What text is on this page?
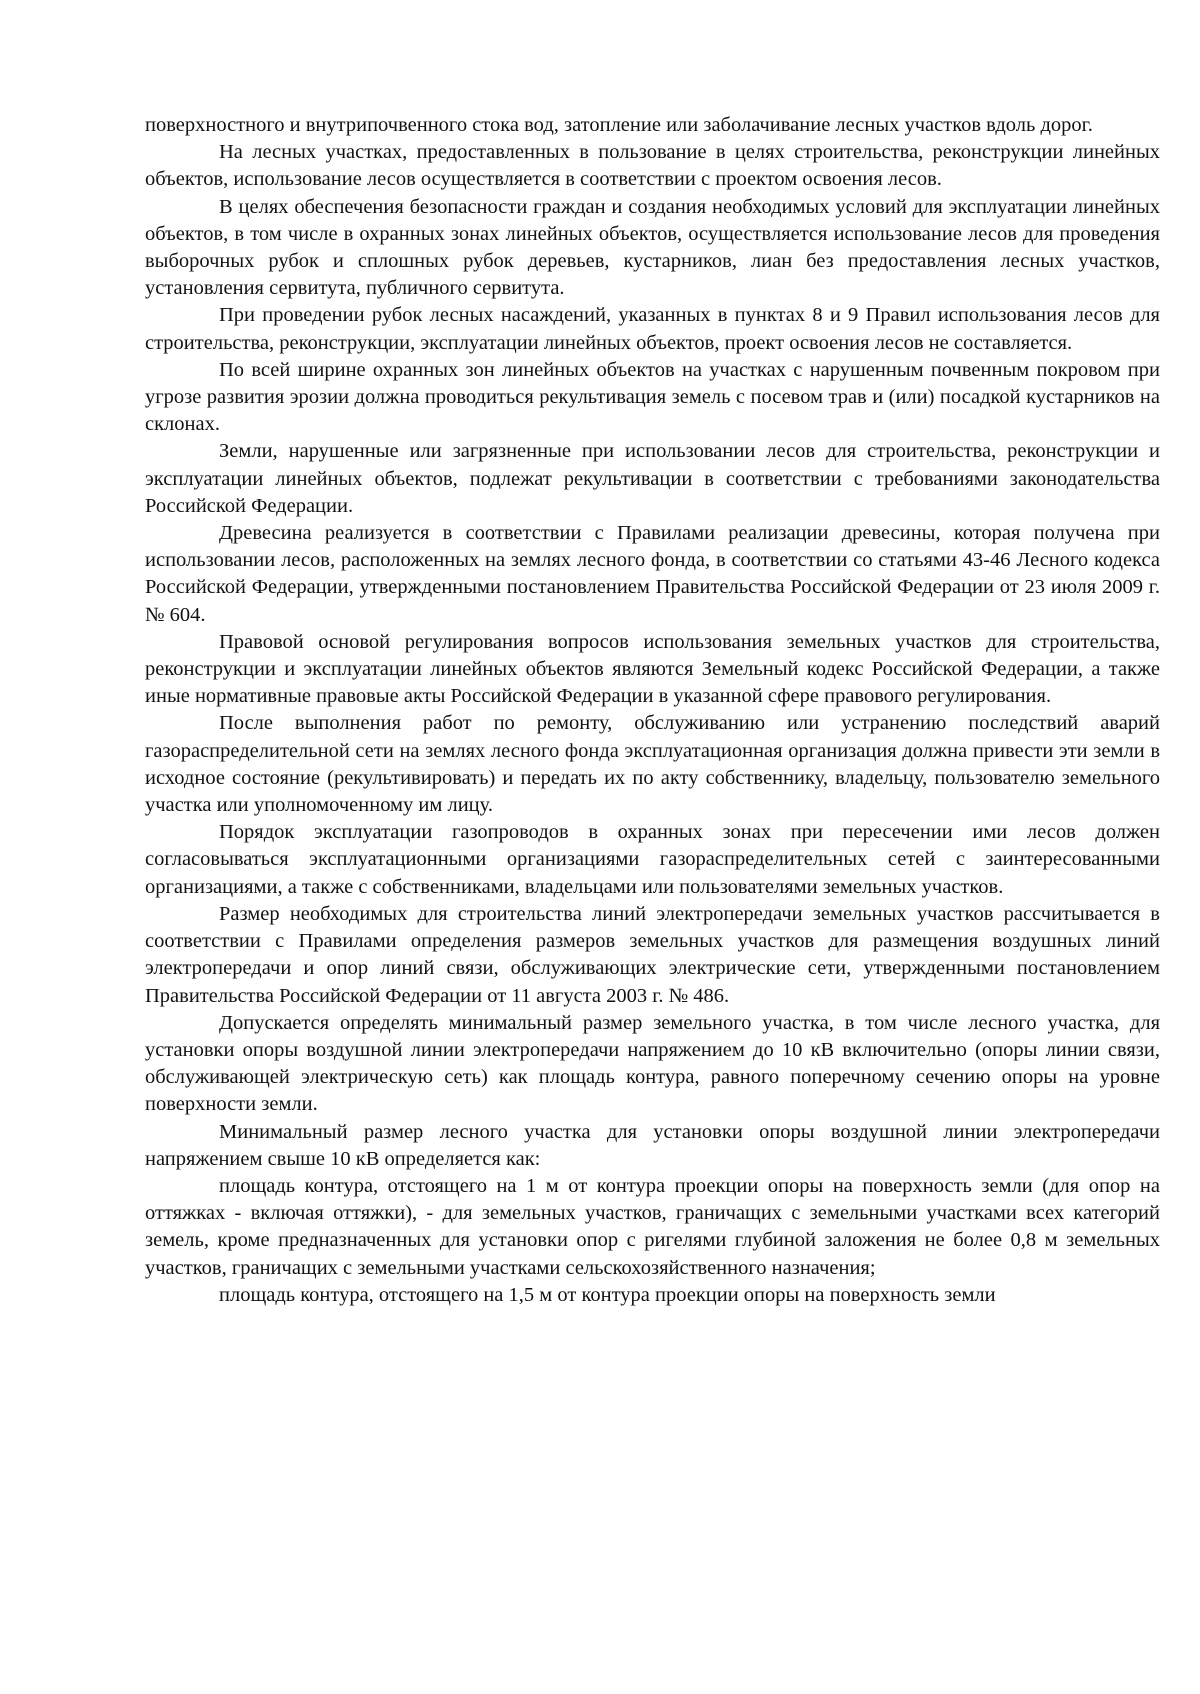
поверхностного и внутрипочвенного стока вод, затопление или заболачивание лесных участков вдоль дорог.

На лесных участках, предоставленных в пользование в целях строительства, реконструкции линейных объектов, использование лесов осуществляется в соответствии с проектом освоения лесов.

В целях обеспечения безопасности граждан и создания необходимых условий для эксплуатации линейных объектов, в том числе в охранных зонах линейных объектов, осуществляется использование лесов для проведения выборочных рубок и сплошных рубок деревьев, кустарников, лиан без предоставления лесных участков, установления сервитута, публичного сервитута.

При проведении рубок лесных насаждений, указанных в пунктах 8 и 9 Правил использования лесов для строительства, реконструкции, эксплуатации линейных объектов, проект освоения лесов не составляется.

По всей ширине охранных зон линейных объектов на участках с нарушенным почвенным покровом при угрозе развития эрозии должна проводиться рекультивация земель с посевом трав и (или) посадкой кустарников на склонах.

Земли, нарушенные или загрязненные при использовании лесов для строительства, реконструкции и эксплуатации линейных объектов, подлежат рекультивации в соответствии с требованиями законодательства Российской Федерации.

Древесина реализуется в соответствии с Правилами реализации древесины, которая получена при использовании лесов, расположенных на землях лесного фонда, в соответствии со статьями 43-46 Лесного кодекса Российской Федерации, утвержденными постановлением Правительства Российской Федерации от 23 июля 2009 г. № 604.

Правовой основой регулирования вопросов использования земельных участков для строительства, реконструкции и эксплуатации линейных объектов являются Земельный кодекс Российской Федерации, а также иные нормативные правовые акты Российской Федерации в указанной сфере правового регулирования.

После выполнения работ по ремонту, обслуживанию или устранению последствий аварий газораспределительной сети на землях лесного фонда эксплуатационная организация должна привести эти земли в исходное состояние (рекультивировать) и передать их по акту собственнику, владельцу, пользователю земельного участка или уполномоченному им лицу.

Порядок эксплуатации газопроводов в охранных зонах при пересечении ими лесов должен согласовываться эксплуатационными организациями газораспределительных сетей с заинтересованными организациями, а также с собственниками, владельцами или пользователями земельных участков.

Размер необходимых для строительства линий электропередачи земельных участков рассчитывается в соответствии с Правилами определения размеров земельных участков для размещения воздушных линий электропередачи и опор линий связи, обслуживающих электрические сети, утвержденными постановлением Правительства Российской Федерации от 11 августа 2003 г. № 486.

Допускается определять минимальный размер земельного участка, в том числе лесного участка, для установки опоры воздушной линии электропередачи напряжением до 10 кВ включительно (опоры линии связи, обслуживающей электрическую сеть) как площадь контура, равного поперечному сечению опоры на уровне поверхности земли.

Минимальный размер лесного участка для установки опоры воздушной линии электропередачи напряжением свыше 10 кВ определяется как:

площадь контура, отстоящего на 1 м от контура проекции опоры на поверхность земли (для опор на оттяжках - включая оттяжки), - для земельных участков, граничащих с земельными участками всех категорий земель, кроме предназначенных для установки опор с ригелями глубиной заложения не более 0,8 м земельных участков, граничащих с земельными участками сельскохозяйственного назначения;

площадь контура, отстоящего на 1,5 м от контура проекции опоры на поверхность земли
